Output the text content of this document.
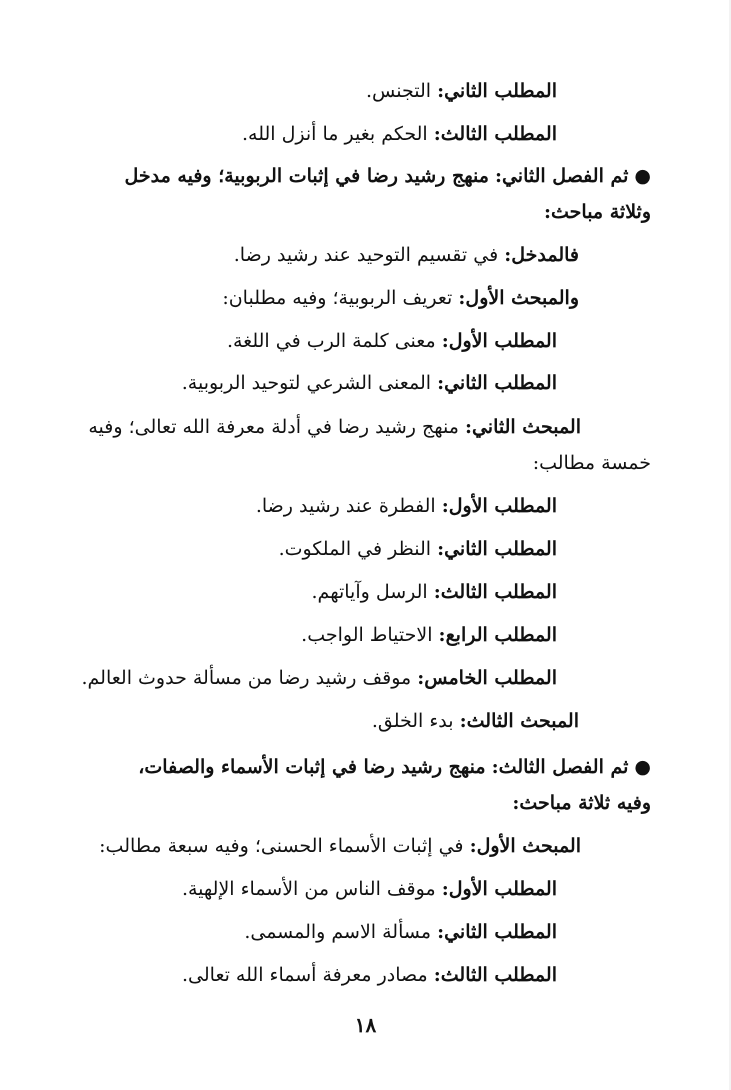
المطلب الثاني: التجنس.
المطلب الثالث: الحكم بغير ما أنزل الله.
●ثم الفصل الثاني: منهج رشيد رضا في إثبات الربوبية؛ وفيه مدخل
وثلاثة مباحث:
فالمدخل: في تقسيم التوحيد عند رشيد رضا.
والمبحث الأول: تعريف الربوبية؛ وفيه مطلبان:
المطلب الأول: معنى كلمة الرب في اللغة.
المطلب الثاني: المعنى الشرعي لتوحيد الربوبية.
المبحث الثاني: منهج رشيد رضا في أدلة معرفة الله تعالى؛ وفيه
خمسة مطالب:
المطلب الأول: الفطرة عند رشيد رضا.
المطلب الثاني: النظر في الملكوت.
المطلب الثالث: الرسل وآياتهم.
المطلب الرابع: الاحتياط الواجب.
المطلب الخامس: موقف رشيد رضا من مسألة حدوث العالم.
المبحث الثالث: بدء الخلق.
●ثم الفصل الثالث: منهج رشيد رضا في إثبات الأسماء والصفات،
وفيه ثلاثة مباحث:
المبحث الأول: في إثبات الأسماء الحسنى؛ وفيه سبعة مطالب:
المطلب الأول: موقف الناس من الأسماء الإلهية.
المطلب الثاني: مسألة الاسم والمسمى.
المطلب الثالث: مصادر معرفة أسماء الله تعالى.
١٨
